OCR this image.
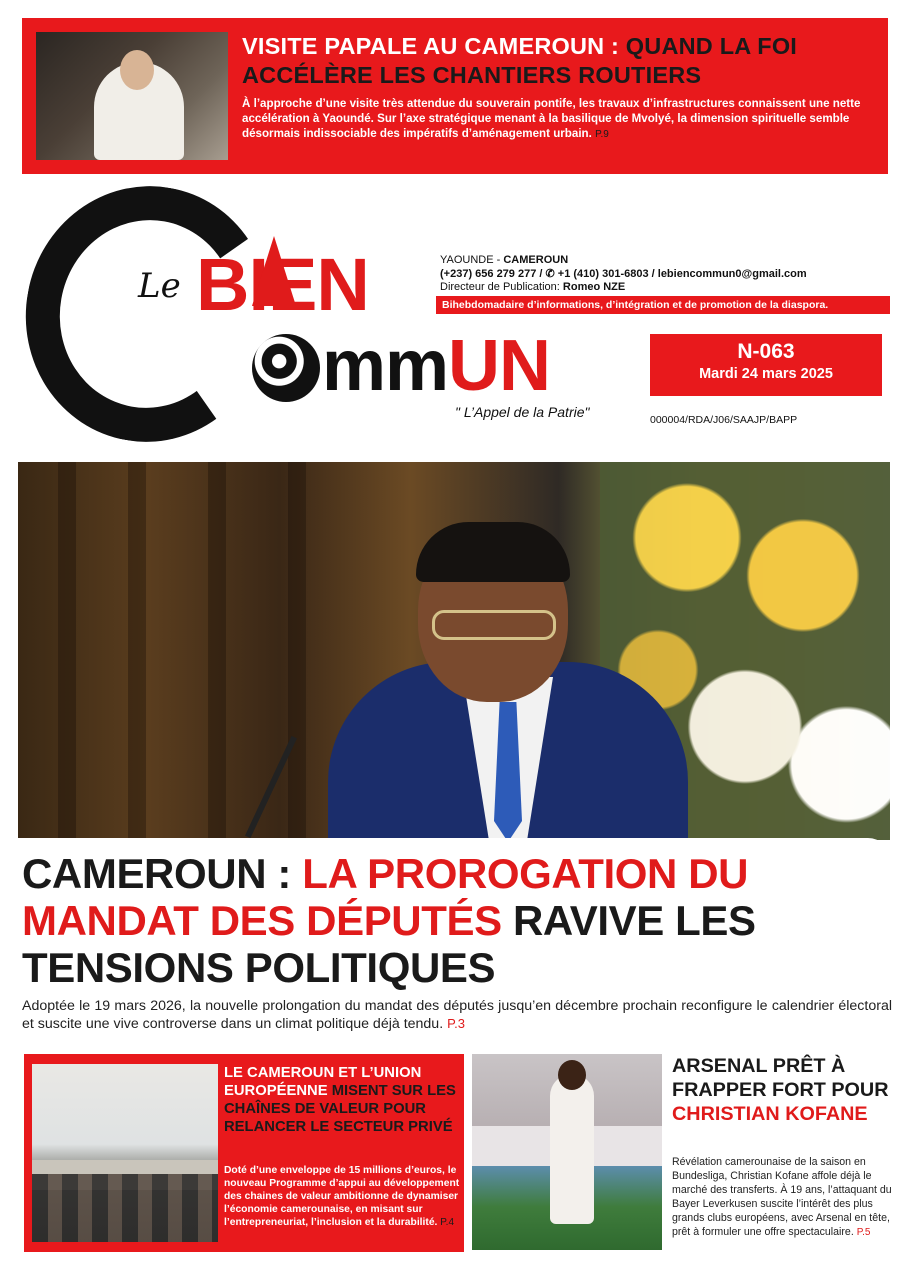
VISITE PAPALE AU CAMEROUN : QUAND LA FOI ACCÉLÈRE LES CHANTIERS ROUTIERS
À l’approche d’une visite très attendue du souverain pontife, les travaux d’infrastructures connaissent une nette accélération à Yaoundé. Sur l’axe stratégique menant à la basilique de Mvolyé, la dimension spirituelle semble désormais indissociable des impératifs d’aménagement urbain. P.9
Le BIEN
mmUN
" L’Appel de la Patrie"
YAOUNDE - CAMEROUN
(+237) 656 279 277 / ✆ +1 (410) 301-6803 / lebiencommun0@gmail.com
Directeur de Publication: Romeo NZE
Bihebdomadaire d’informations, d’intégration et de promotion de la diaspora.
N-063
Mardi 24 mars 2025
000004/RDA/J06/SAAJP/BAPP
CAMEROUN : LA PROROGATION DU MANDAT DES DÉPUTÉS RAVIVE LES TENSIONS POLITIQUES
Adoptée le 19 mars 2026, la nouvelle prolongation du mandat des députés jusqu’en décembre prochain reconfigure le calendrier électoral et suscite une vive controverse dans un climat politique déjà tendu. P.3
LE CAMEROUN ET L’UNION EUROPÉENNE MISENT SUR LES CHAÎNES DE VALEUR POUR RELANCER LE SECTEUR PRIVÉ
Doté d’une enveloppe de 15 millions d’euros, le nouveau Programme d’appui au développement des chaines de valeur ambitionne de dynamiser l’économie camerounaise, en misant sur l’entrepreneuriat, l’inclusion et la durabilité. P.4
ARSENAL PRÊT À FRAPPER FORT POUR CHRISTIAN KOFANE
Révélation camerounaise de la saison en Bundesliga, Christian Kofane affole déjà le marché des transferts. À 19 ans, l’attaquant du Bayer Leverkusen suscite l’intérêt des plus grands clubs européens, avec Arsenal en tête, prêt à formuler une offre spectaculaire. P.5
